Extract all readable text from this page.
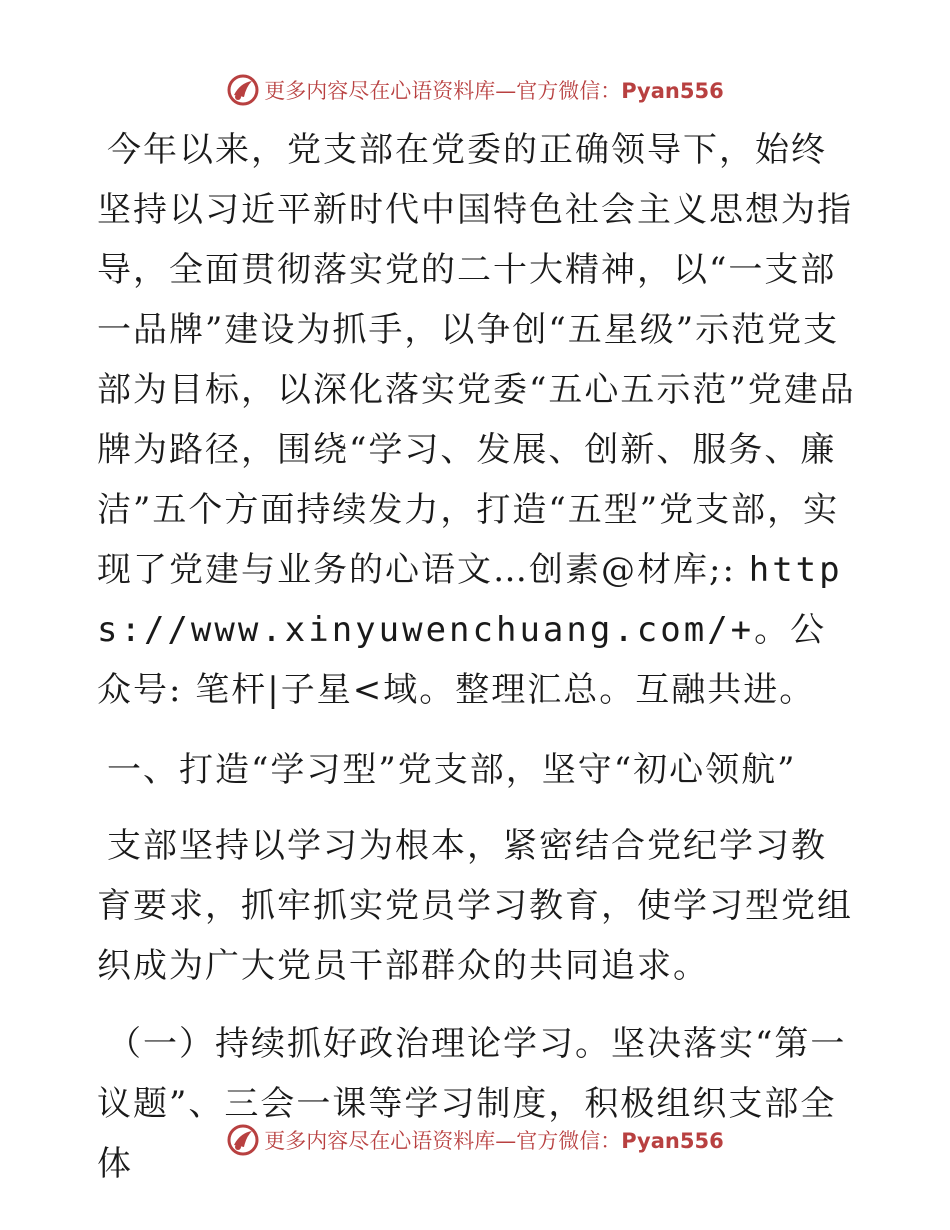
更多内容尽在心语资料库—官方微信：Pyan556

今年以来，党支部在党委的正确领导下，始终坚持以习近平新时代中国特色社会主义思想为指导，全面贯彻落实党的二十大精神，以“一支部一品牌”建设为抓手，以争创“五星级”示范党支部为目标，以深化落实党委“五心五示范”党建品牌为路径，围绕“学习、发展、创新、服务、廉洁”五个方面持续发力，打造“五型”党支部，实现了党建与业务的心语文…创素@材库;: https://www.xinyuwenchuang.com/+。公众号: 笔杆|子星<域。整理汇总。互融共进。

一、打造“学习型”党支部，坚守“初心领航”

支部坚持以学习为根本，紧密结合党纪学习教育要求，抓牢抓实党员学习教育，使学习型党组织成为广大党员干部群众的共同追求。

（一）持续抓好政治理论学习。坚决落实“第一议题”、三会一课等学习制度，积极组织支部全体

更多内容尽在心语资料库—官方微信：Pyan556
